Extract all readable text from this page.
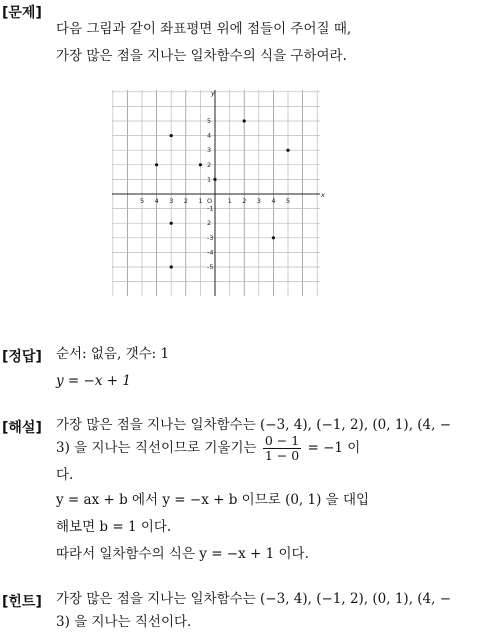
[문제]
다음 그림과 같이 좌표평면 위에 점들이 주어질 때,
가장 많은 점을 지나는 일차함수의 식을 구하여라.
x
y
O
5 4 3 2 1	1 2 3 4 5
5
4
3
2
1
-1
2
-3
-4
-5
[정답] 순서: 없음, 갯수: 1
y = −x + 1
[해설] 가장 많은 점을 지나는 일차함수는 (−3, 4), (−1, 2), (0, 1), (4, −
3) 을 지나는 직선이므로 기울기는 $\frac{0 - 1}{1 - 0} = -1$ 이
다.
y = ax + b 에서 y = −x + b 이므로 (0, 1) 을 대입
해보면 b = 1 이다.
따라서 일차함수의 식은 y = −x + 1 이다.
[힌트] 가장 많은 점을 지나는 일차함수는 (−3, 4), (−1, 2), (0, 1), (4, −
3) 을 지나는 직선이다.
